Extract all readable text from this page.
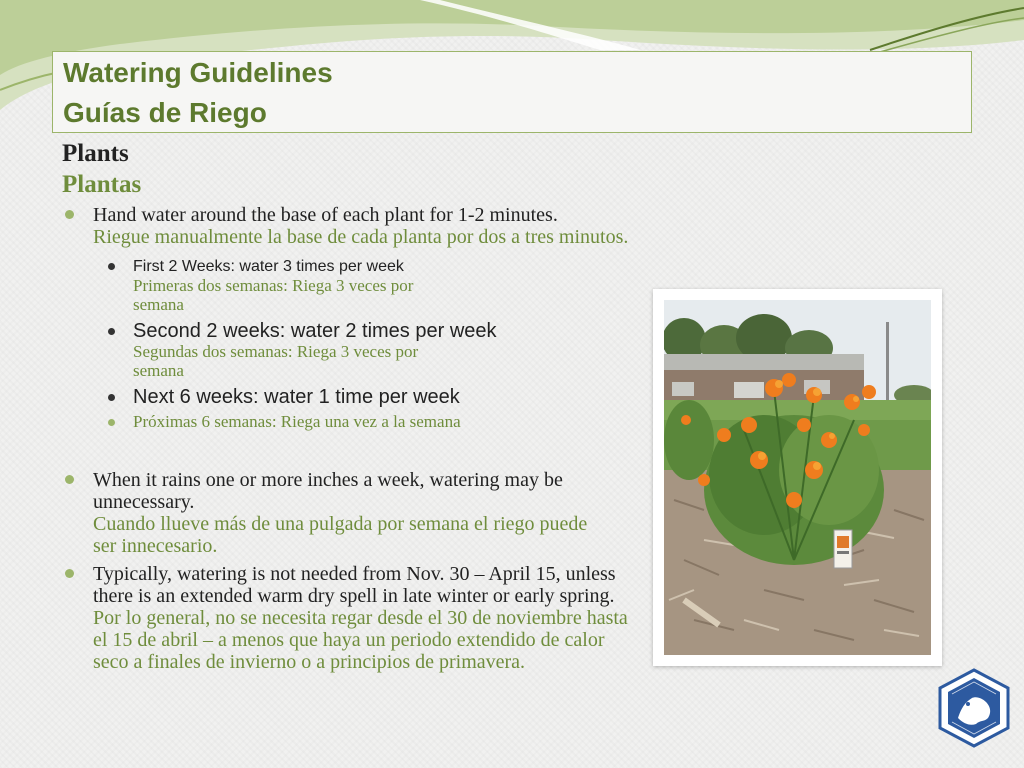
Watering Guidelines
Guías de Riego
Plants
Plantas
Hand water around the base of each plant for 1-2 minutes.
Riegue manualmente la base de cada planta por dos a tres minutos.
First 2 Weeks: water 3 times per week
Primeras dos semanas: Riega 3 veces por semana
Second 2 weeks: water 2 times per week
Segundas dos semanas: Riega 3 veces por semana
Next 6 weeks: water 1 time per week
Próximas 6 semanas: Riega una vez a la semana
When it rains one or more inches a week, watering may be unnecessary.
Cuando llueve más de una pulgada por semana el riego puede ser innecesario.
Typically, watering is not needed from Nov. 30 – April 15, unless there is an extended warm dry spell in late winter or early spring. Por lo general, no se necesita regar desde el 30 de noviembre hasta el 15 de abril – a menos que haya un periodo extendido de calor seco a finales de invierno o a principios de primavera.
